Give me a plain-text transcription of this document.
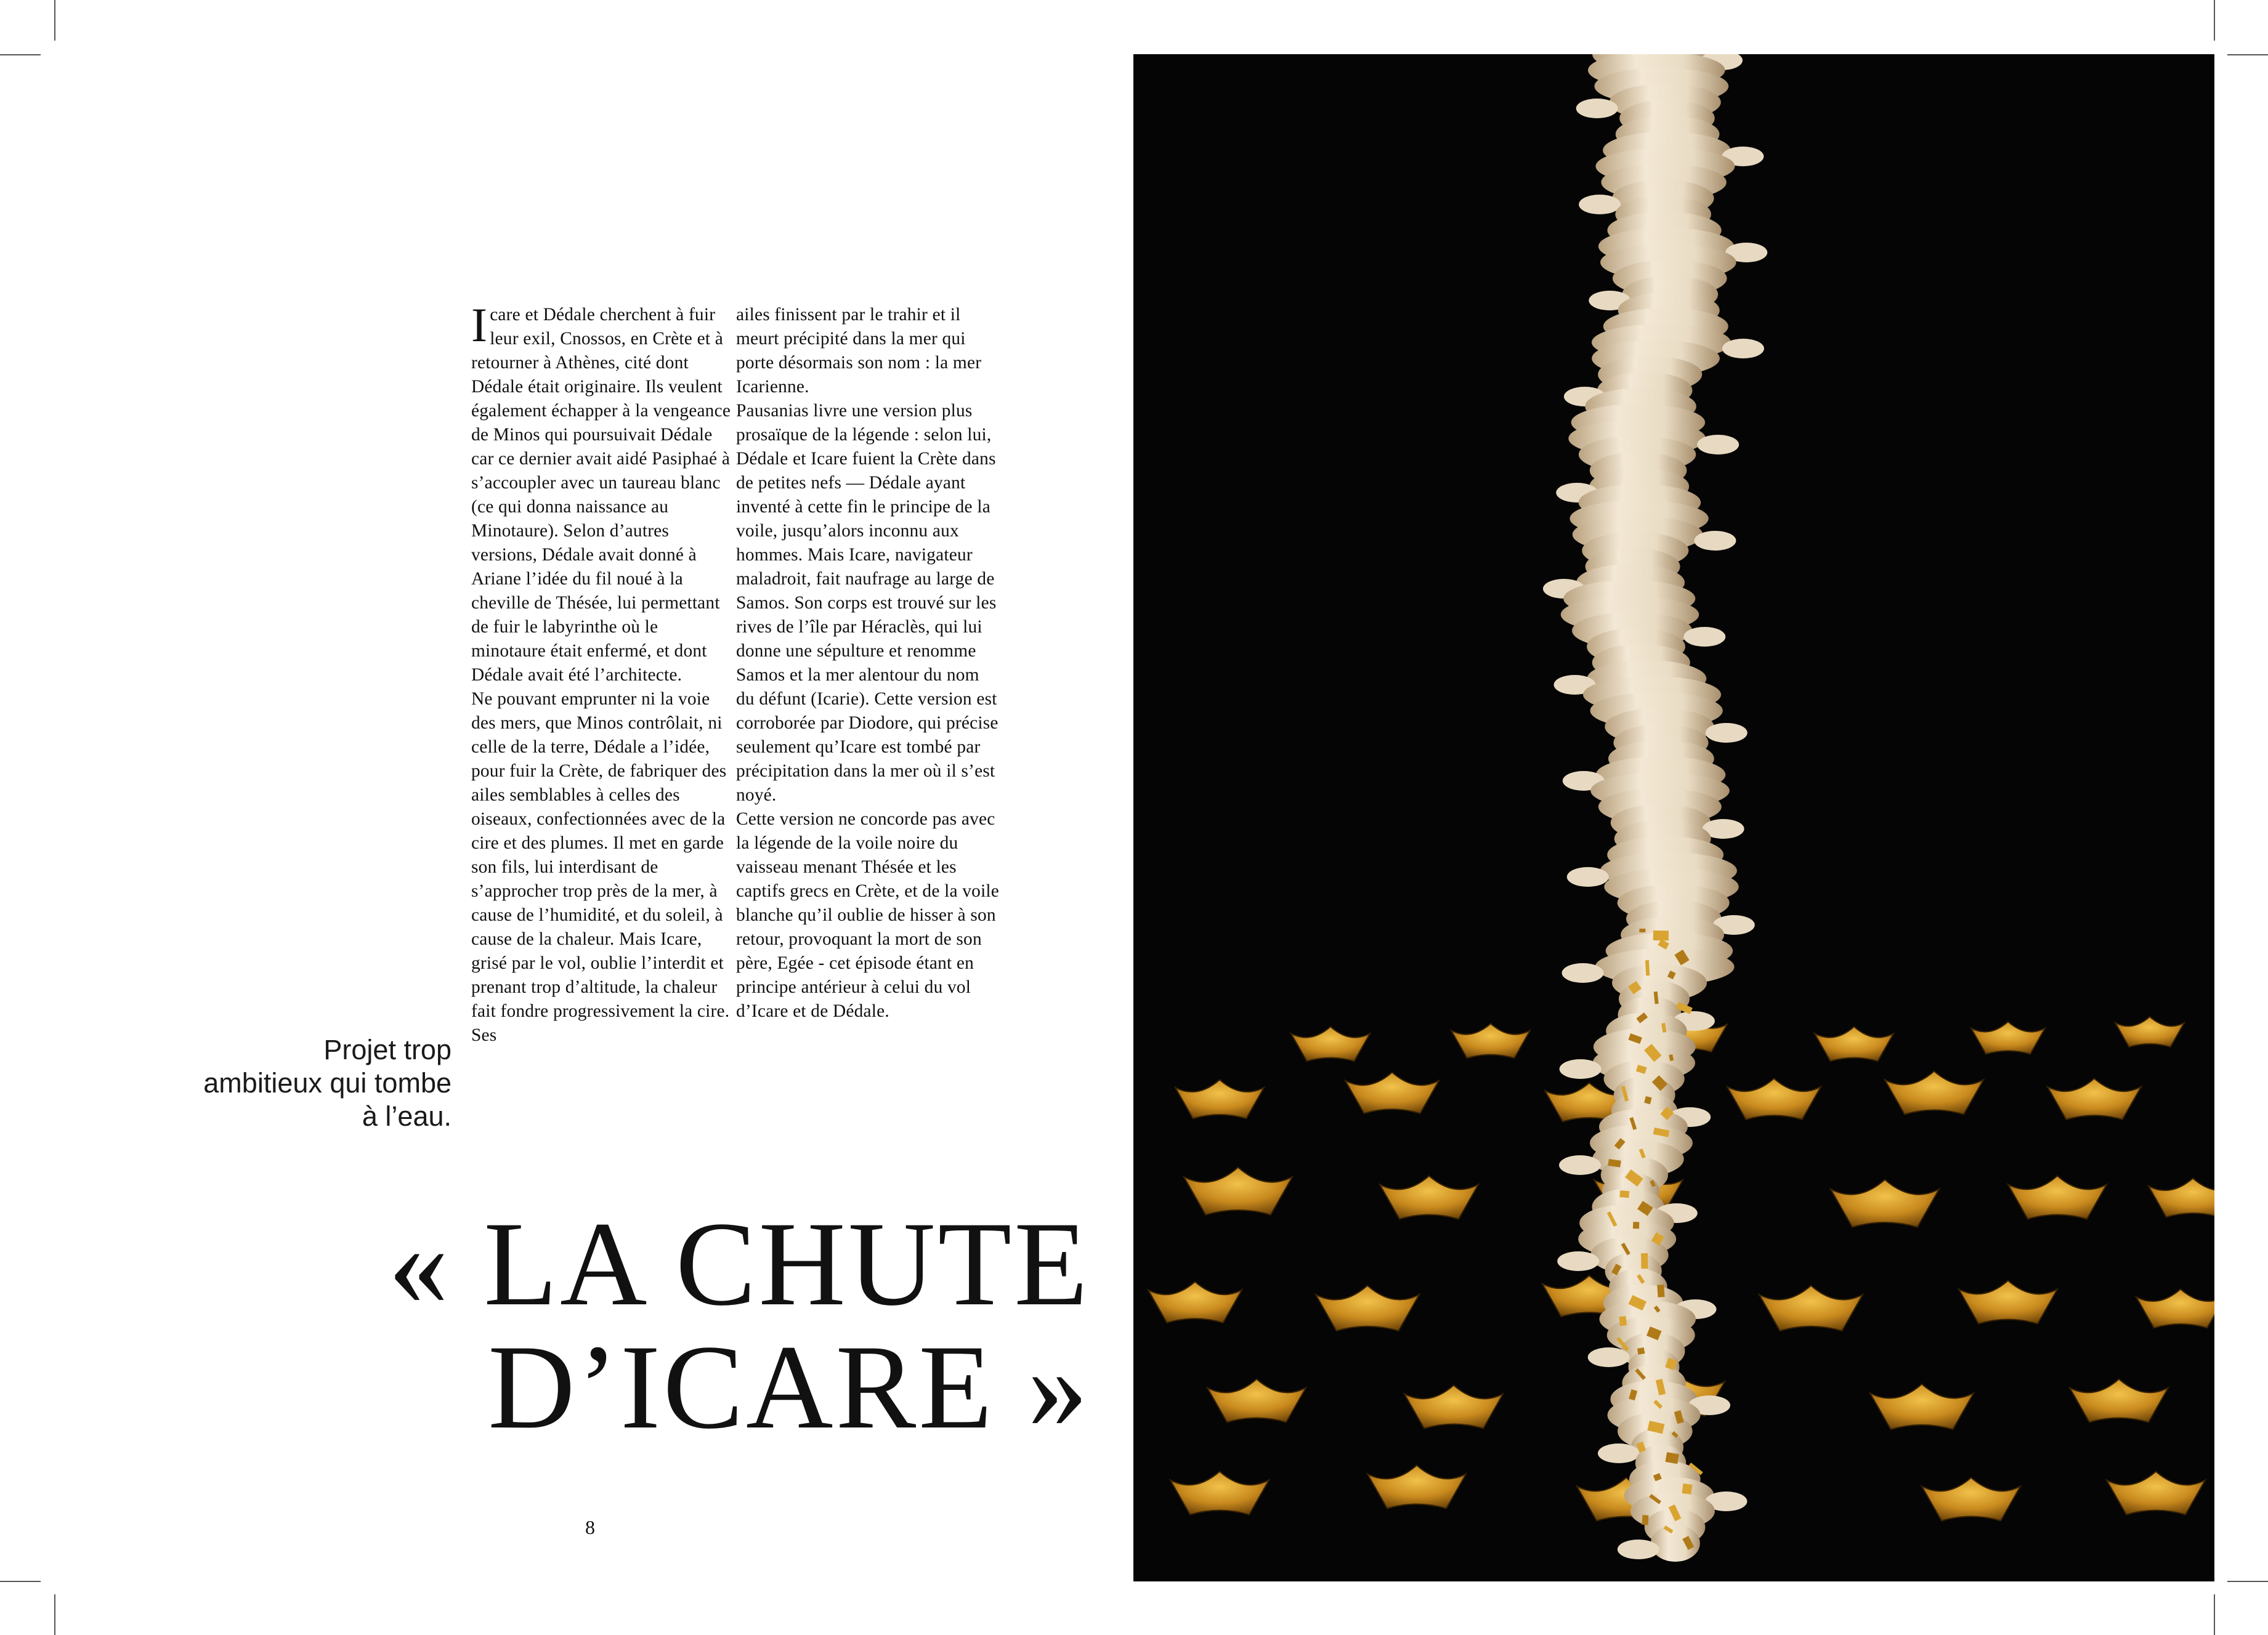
Icare et Dédale cherchent à fuir leur exil, Cnossos, en Crète et à retourner à Athènes, cité dont Dédale était originaire. Ils veulent également échapper à la vengeance de Minos qui poursuivait Dédale car ce dernier avait aidé Pasiphaé à s’accoupler avec un taureau blanc (ce qui donna naissance au Minotaure). Selon d’autres versions, Dédale avait donné à Ariane l’idée du fil noué à la cheville de Thésée, lui permettant de fuir le labyrinthe où le minotaure était enfermé, et dont Dédale avait été l’architecte.

Ne pouvant emprunter ni la voie des mers, que Minos contrôlait, ni celle de la terre, Dédale a l’idée, pour fuir la Crète, de fabriquer des ailes semblables à celles des oiseaux, confectionnées avec de la cire et des plumes. Il met en garde son fils, lui interdisant de s’approcher trop près de la mer, à cause de l’humidité, et du soleil, à cause de la chaleur. Mais Icare, grisé par le vol, oublie l’interdit et prenant trop d’altitude, la chaleur fait fondre progressivement la cire. Ses

ailes finissent par le trahir et il meurt précipité dans la mer qui porte désormais son nom : la mer Icarienne.

Pausanias livre une version plus prosaïque de la légende : selon lui, Dédale et Icare fuient la Crète dans de petites nefs — Dédale ayant inventé à cette fin le principe de la voile, jusqu’alors inconnu aux hommes. Mais Icare, navigateur maladroit, fait naufrage au large de Samos. Son corps est trouvé sur les rives de l’île par Héraclès, qui lui donne une sépulture et renomme Samos et la mer alentour du nom du défunt (Icarie). Cette version est corroborée par Diodore, qui précise seulement qu’Icare est tombé par précipitation dans la mer où il s’est noyé.

Cette version ne concorde pas avec la légende de la voile noire du vaisseau menant Thésée et les captifs grecs en Crète, et de la voile blanche qu’il oublie de hisser à son retour, provoquant la mort de son père, Egée - cet épisode étant en principe antérieur à celui du vol d’Icare et de Dédale.

Projet trop
ambitieux qui tombe
à l’eau.
« LA CHUTE
D’ICARE »
8
